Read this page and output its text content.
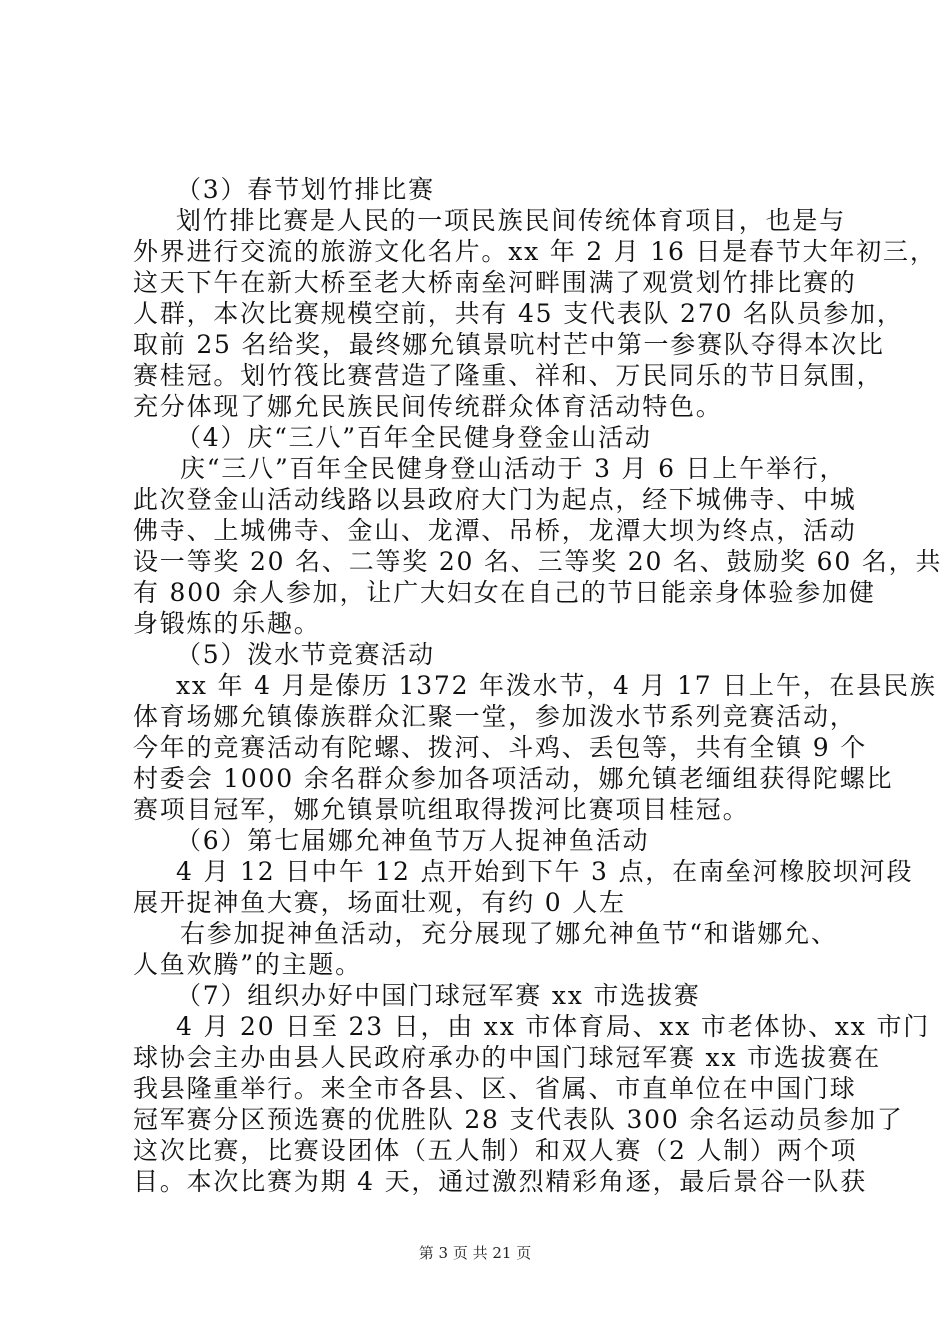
（3）春节划竹排比赛
划竹排比赛是人民的一项民族民间传统体育项目，也是与
外界进行交流的旅游文化名片。xx 年 2 月 16 日是春节大年初三，
这天下午在新大桥至老大桥南垒河畔围满了观赏划竹排比赛的
人群，本次比赛规模空前，共有 45 支代表队 270 名队员参加，
取前 25 名给奖，最终娜允镇景吭村芒中第一参赛队夺得本次比
赛桂冠。划竹筏比赛营造了隆重、祥和、万民同乐的节日氛围，
充分体现了娜允民族民间传统群众体育活动特色。
（4）庆“三八”百年全民健身登金山活动
庆“三八”百年全民健身登山活动于 3 月 6 日上午举行，
此次登金山活动线路以县政府大门为起点，经下城佛寺、中城
佛寺、上城佛寺、金山、龙潭、吊桥，龙潭大坝为终点，活动
设一等奖 20 名、二等奖 20 名、三等奖 20 名、鼓励奖 60 名，共
有 800 余人参加，让广大妇女在自己的节日能亲身体验参加健
身锻炼的乐趣。
（5）泼水节竞赛活动
xx 年 4 月是傣历 1372 年泼水节，4 月 17 日上午，在县民族
体育场娜允镇傣族群众汇聚一堂，参加泼水节系列竞赛活动，
今年的竞赛活动有陀螺、拨河、斗鸡、丢包等，共有全镇 9 个
村委会 1000 余名群众参加各项活动，娜允镇老缅组获得陀螺比
赛项目冠军，娜允镇景吭组取得拨河比赛项目桂冠。
（6）第七届娜允神鱼节万人捉神鱼活动
4 月 12 日中午 12 点开始到下午 3 点，在南垒河橡胶坝河段
展开捉神鱼大赛，场面壮观，有约 0 人左
右参加捉神鱼活动，充分展现了娜允神鱼节“和谐娜允、
人鱼欢腾”的主题。
（7）组织办好中国门球冠军赛 xx 市选拔赛
4 月 20 日至 23 日，由 xx 市体育局、xx 市老体协、xx 市门
球协会主办由县人民政府承办的中国门球冠军赛 xx 市选拔赛在
我县隆重举行。来全市各县、区、省属、市直单位在中国门球
冠军赛分区预选赛的优胜队 28 支代表队 300 余名运动员参加了
这次比赛，比赛设团体（五人制）和双人赛（2 人制）两个项
目。本次比赛为期 4 天，通过激烈精彩角逐，最后景谷一队获
第 3 页 共 21 页
